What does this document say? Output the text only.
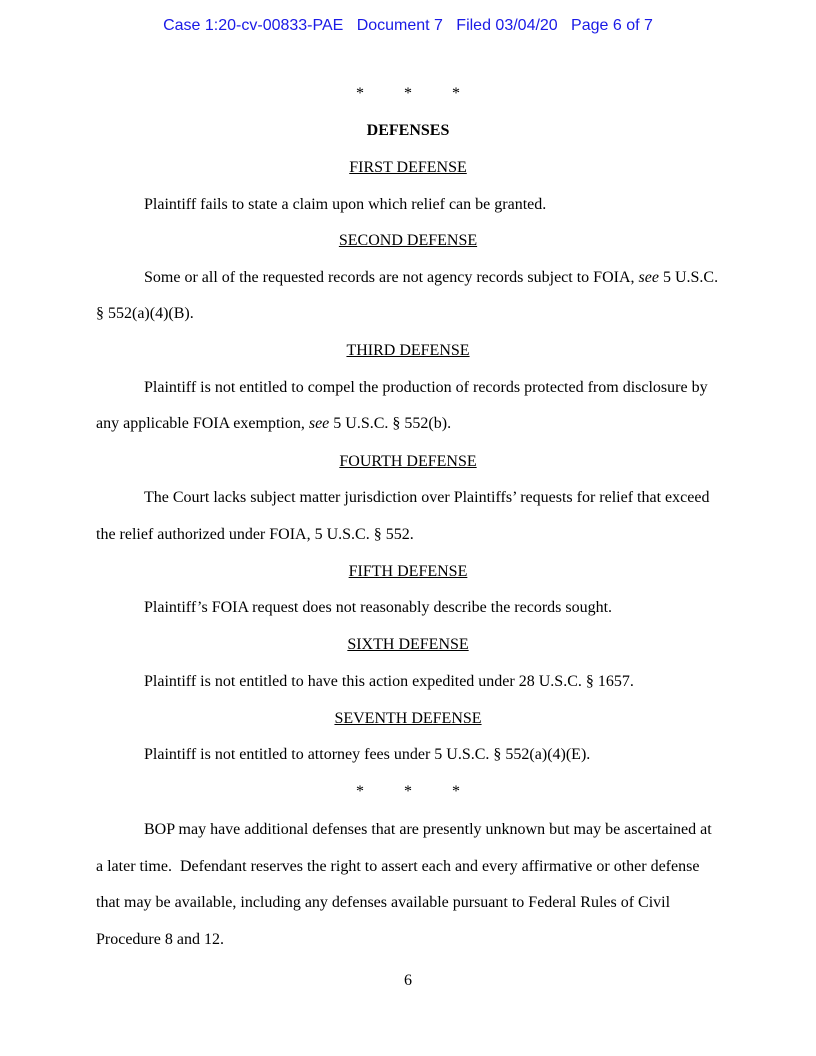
Case 1:20-cv-00833-PAE Document 7 Filed 03/04/20 Page 6 of 7
*	*	*
DEFENSES
FIRST DEFENSE
Plaintiff fails to state a claim upon which relief can be granted.
SECOND DEFENSE
Some or all of the requested records are not agency records subject to FOIA, see 5 U.S.C.
§ 552(a)(4)(B).
THIRD DEFENSE
Plaintiff is not entitled to compel the production of records protected from disclosure by
any applicable FOIA exemption, see 5 U.S.C. § 552(b).
FOURTH DEFENSE
The Court lacks subject matter jurisdiction over Plaintiffs’ requests for relief that exceed
the relief authorized under FOIA, 5 U.S.C. § 552.
FIFTH DEFENSE
Plaintiff’s FOIA request does not reasonably describe the records sought.
SIXTH DEFENSE
Plaintiff is not entitled to have this action expedited under 28 U.S.C. § 1657.
SEVENTH DEFENSE
Plaintiff is not entitled to attorney fees under 5 U.S.C. § 552(a)(4)(E).
*	*	*
BOP may have additional defenses that are presently unknown but may be ascertained at
a later time.  Defendant reserves the right to assert each and every affirmative or other defense
that may be available, including any defenses available pursuant to Federal Rules of Civil
Procedure 8 and 12.
6
